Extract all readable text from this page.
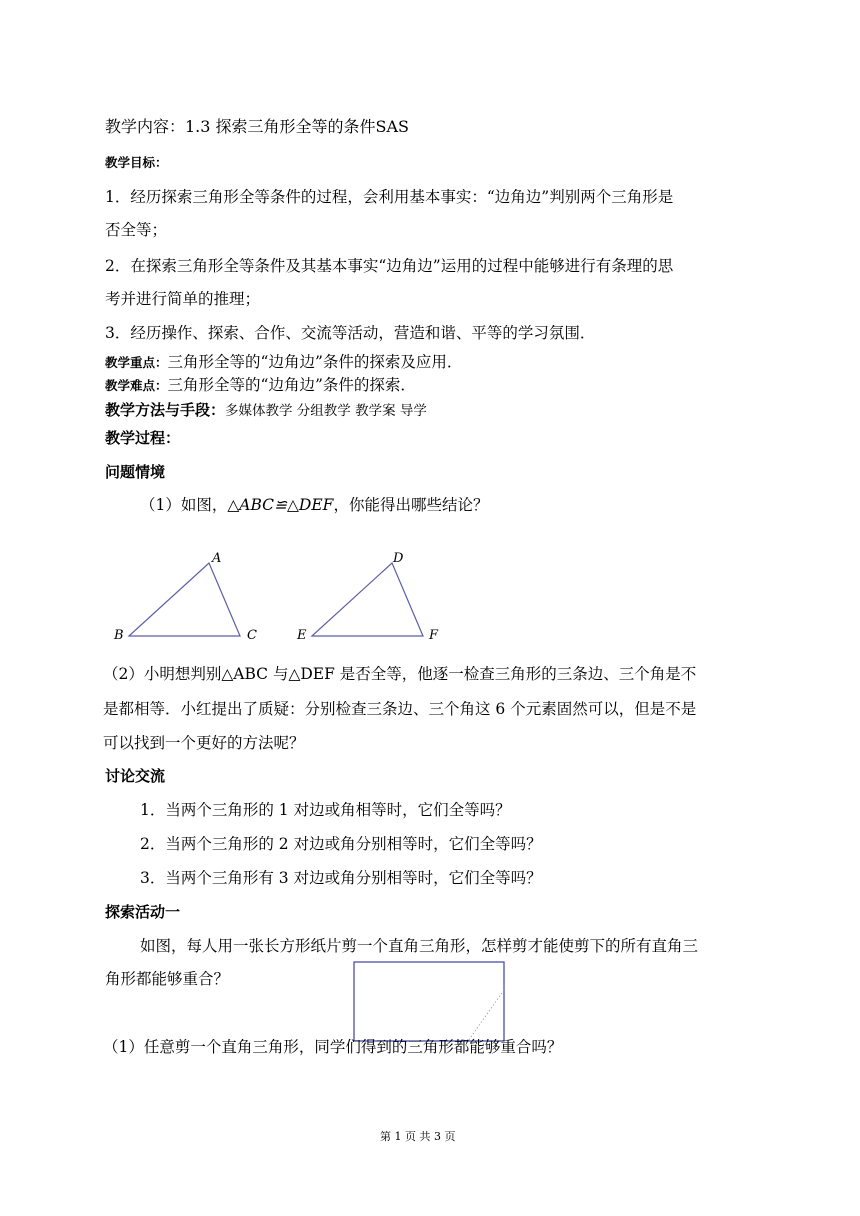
教学内容：1.3 探索三角形全等的条件SAS
教学目标：
1．经历探索三角形全等条件的过程，会利用基本事实：“边角边”判别两个三角形是
否全等；
2．在探索三角形全等条件及其基本事实“边角边”运用的过程中能够进行有条理的思
考并进行简单的推理；
3．经历操作、探索、合作、交流等活动，营造和谐、平等的学习氛围．
教学重点：三角形全等的“边角边”条件的探索及应用．
教学难点：三角形全等的“边角边”条件的探索．
教学方法与手段：多媒体教学 分组教学 教学案 导学
教学过程：
问题情境
（1）如图，△ABC≌△DEF，你能得出哪些结论？
A
B	C
D
E	F
（2）小明想判别△ABC 与△DEF 是否全等，他逐一检查三角形的三条边、三个角是不
是都相等．小红提出了质疑：分别检查三条边、三个角这 6 个元素固然可以，但是不是
可以找到一个更好的方法呢？
讨论交流
1．当两个三角形的 1 对边或角相等时，它们全等吗？
2．当两个三角形的 2 对边或角分别相等时，它们全等吗？
3．当两个三角形有 3 对边或角分别相等时，它们全等吗？
探索活动一
如图，每人用一张长方形纸片剪一个直角三角形，怎样剪才能使剪下的所有直角三
角形都能够重合？
（1）任意剪一个直角三角形，同学们得到的三角形都能够重合吗？
第 1 页 共 3 页
